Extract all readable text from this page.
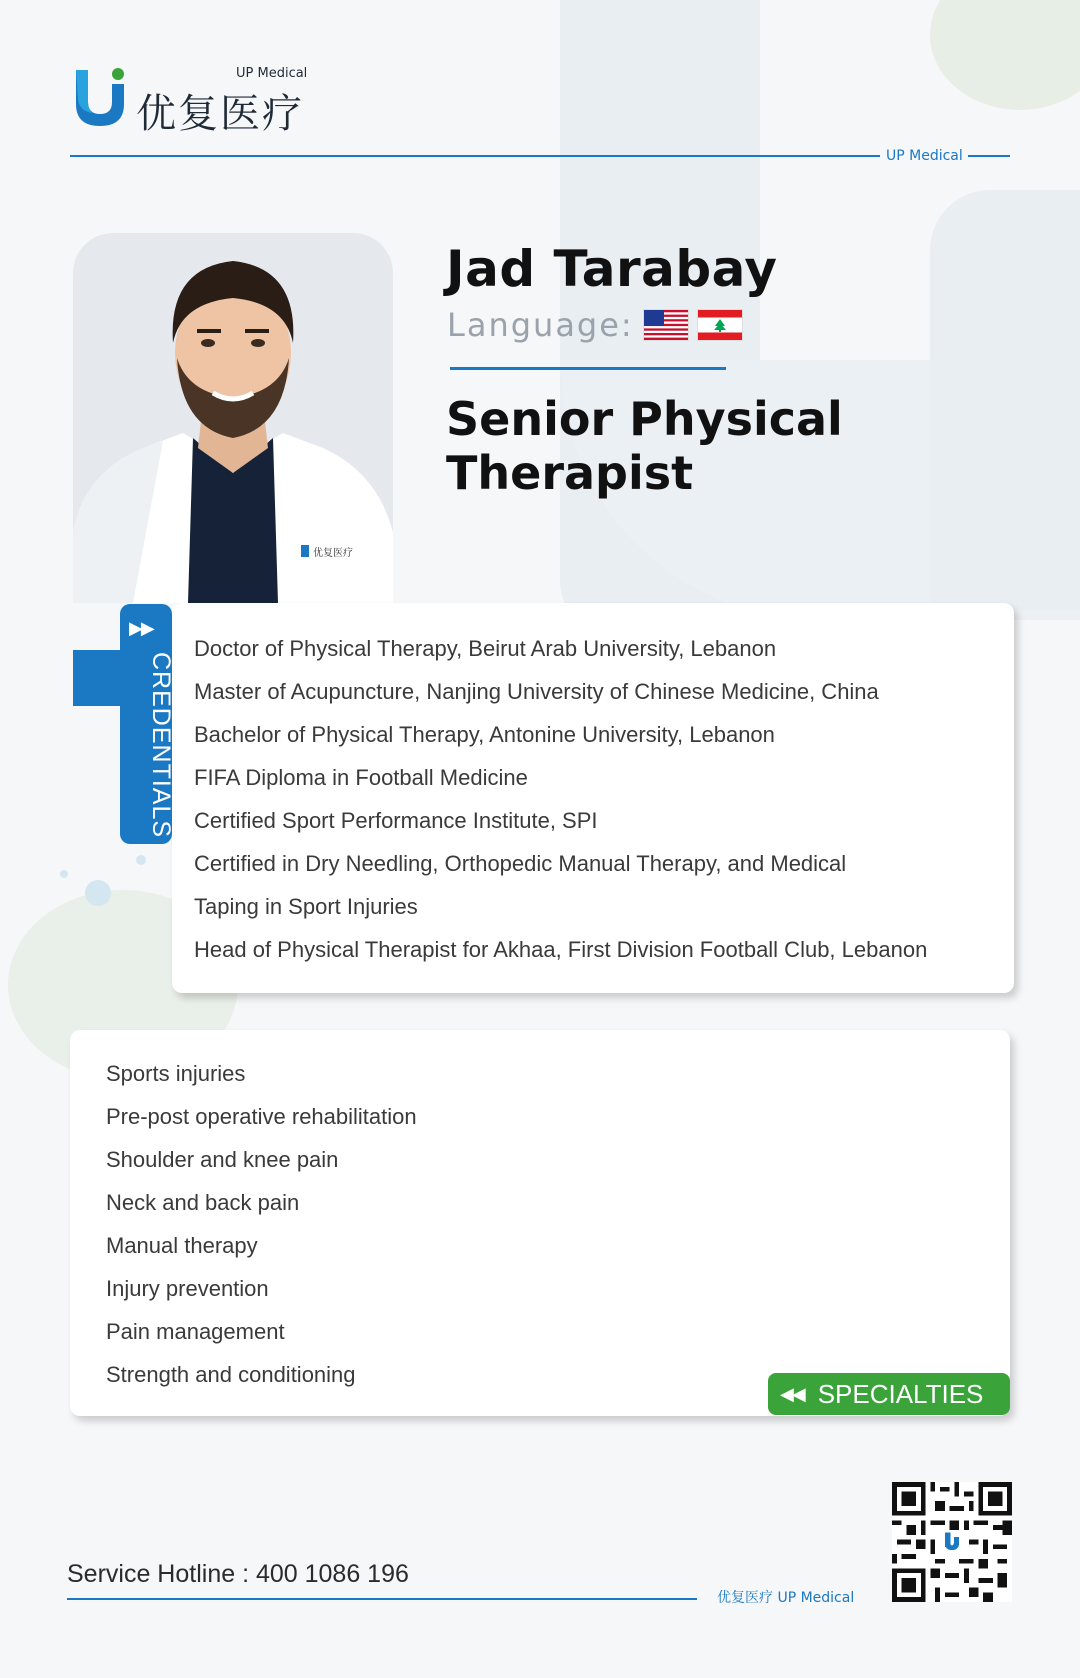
UP Medical
优复医疗
UP Medical
优复医疗
Jad Tarabay
Language:
Senior Physical Therapist
Doctor of Physical Therapy, Beirut Arab University, Lebanon
Master of Acupuncture, Nanjing University of Chinese Medicine, China
Bachelor of Physical Therapy, Antonine University, Lebanon
FIFA Diploma in Football Medicine
Certified Sport Performance Institute, SPI
Certified in Dry Needling, Orthopedic Manual Therapy, and Medical
Taping in Sport Injuries
Head of Physical Therapist for Akhaa, First Division Football Club, Lebanon
▶▶
CREDENTIALS
Sports injuries
Pre-post operative rehabilitation
Shoulder and knee pain
Neck and back pain
Manual therapy
Injury prevention
Pain management
Strength and conditioning
◀◀ SPECIALTIES
Service Hotline : 400 1086 196
优复医疗 UP Medical
